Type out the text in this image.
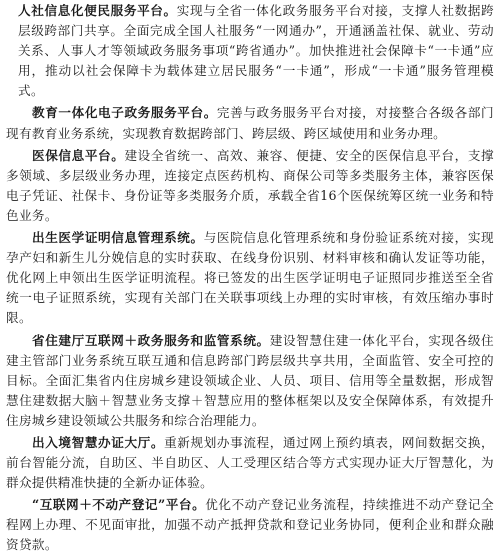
人社信息化便民服务平台。实现与全省一体化政务服务平台对接，支撑人社数据跨层级跨部门共享。全面完成全国人社服务“一网通办”，开通涵盖社保、就业、劳动关系、人事人才等领域政务服务事项“跨省通办”。加快推进社会保障卡“一卡通”应用，推动以社会保障卡为载体建立居民服务“一卡通”，形成“一卡通”服务管理模式。

教育一体化电子政务服务平台。完善与政务服务平台对接，对接整合各级各部门现有教育业务系统，实现教育数据跨部门、跨层级、跨区域使用和业务办理。

医保信息平台。建设全省统一、高效、兼容、便捷、安全的医保信息平台，支撑多领域、多层级业务办理，连接定点医药机构、商保公司等多类服务主体，兼容医保电子凭证、社保卡、身份证等多类服务介质，承载全省16个医保统筹区统一业务和特色业务。

出生医学证明信息管理系统。与医院信息化管理系统和身份验证系统对接，实现孕产妇和新生儿分娩信息的实时获取、在线身份识别、材料审核和确认发证等功能，优化网上申领出生医学证明流程。将已签发的出生医学证明电子证照同步推送至全省统一电子证照系统，实现有关部门在关联事项线上办理的实时审核，有效压缩办事时限。

省住建厅互联网＋政务服务和监管系统。建设智慧住建一体化平台，实现各级住建主管部门业务系统互联互通和信息跨部门跨层级共享共用，全面监管、安全可控的目标。全面汇集省内住房城乡建设领域企业、人员、项目、信用等全量数据，形成智慧住建数据大脑＋智慧业务支撑＋智慧应用的整体框架以及安全保障体系，有效提升住房城乡建设领域公共服务和综合治理能力。

出入境智慧办证大厅。重新规划办事流程，通过网上预约填表，网间数据交换，前台智能分流，自助区、半自助区、人工受理区结合等方式实现办证大厅智慧化，为群众提供精准快捷的全新办证体验。

“互联网＋不动产登记”平台。优化不动产登记业务流程，持续推进不动产登记全程网上办理、不见面审批，加强不动产抵押贷款和登记业务协同，便利企业和群众融资贷款。
